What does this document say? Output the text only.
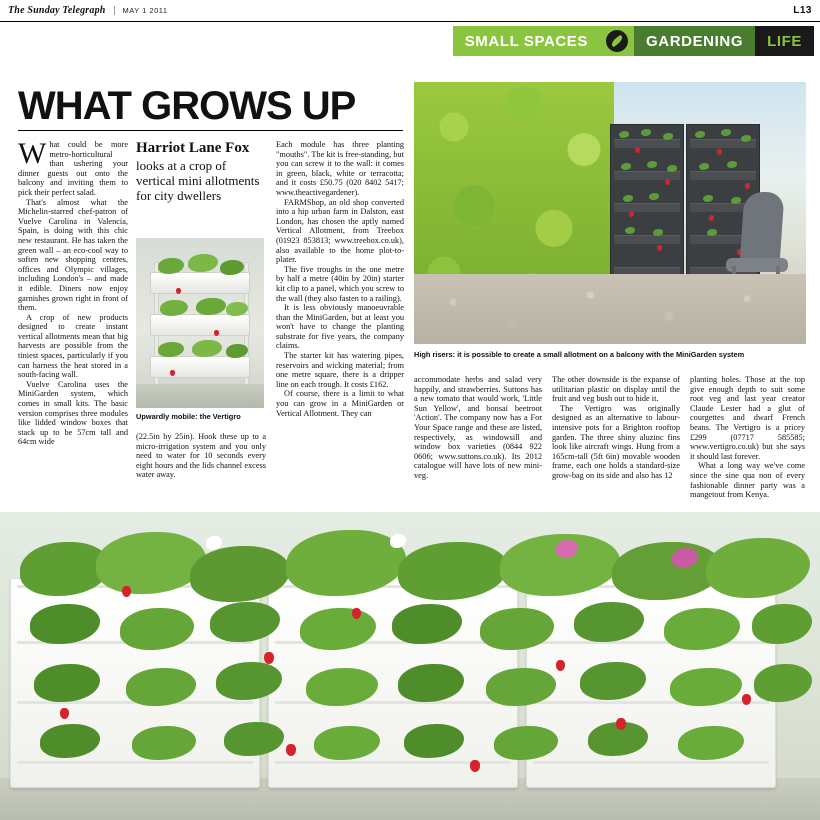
The Sunday Telegraph	MAY 1 2011	L13
SMALL SPACES	GARDENING	LIFE
WHAT GROWS UP

What could be more metro-horticultural than ushering your dinner guests out onto the balcony and inviting them to pick their perfect salad.

That's almost what the Michelin-starred chef-patron of Vuelve Carolina in Valencia, Spain, is doing with this chic new restaurant. He has taken the green wall – an eco-cool way to soften new shopping centres, offices and Olympic villages, including London's – and made it edible. Diners now enjoy garnishes grown right in front of them.

A crop of new products designed to create instant vertical allotments mean that big harvests are possible from the tiniest spaces, particularly if you can harness the heat stored in a south-facing wall.

Vuelve Carolina uses the MiniGarden system, which comes in small kits. The basic version comprises three modules like lidded window boxes that stack up to be 57cm tall and 64cm wide

Harriot Lane Fox
looks at a crop of vertical mini allotments for city dwellers
Upwardly mobile: the Vertigro

(22.5in by 25in). Hook these up to a micro-irrigation system and you only need to water for 10 seconds every eight hours and the lids channel excess water away.

Each module has three planting "mouths". The kit is free-standing, but you can screw it to the wall: it comes in green, black, white or terracotta; and it costs £50.75 (020 8402 5417; www.theactivegardener).

FARMShop, an old shop converted into a hip urban farm in Dalston, east London, has chosen the aptly named Vertical Allotment, from Treebox (01923 853813; www.treebox.co.uk), also available to the home plot-to-plater.

The five troughs in the one metre by half a metre (40in by 20in) starter kit clip to a panel, which you screw to the wall (they also fasten to a railing).

It is less obviously manoeuvrable than the MiniGarden, but at least you won't have to change the planting substrate for five years, the company claims.

The starter kit has watering pipes, reservoirs and wicking material; from one metre square, there is a dripper line on each trough. It costs £162.

Of course, there is a limit to what you can grow in a MiniGarden or Vertical Allotment. They can

High risers: it is possible to create a small allotment on a balcony with the MiniGarden system

accommodate herbs and salad very happily, and strawberries. Suttons has a new tomato that would work, 'Little Sun Yellow', and bonsai beetroot 'Action'. The company now has a For Your Space range and these are listed, respectively, as windowsill and window box varieties (0844 922 0606; www.suttons.co.uk). Its 2012 catalogue will have lots of new mini-veg.

The other downside is the expanse of utilitarian plastic on display until the fruit and veg bush out to hide it.

The Vertigro was originally designed as an alternative to labour-intensive pots for a Brighton rooftop garden. The three shiny aluzinc fins look like aircraft wings. Hung from a 165cm-tall (5ft 6in) movable wooden frame, each one holds a standard-size grow-bag on its side and also has 12

planting holes. Those at the top give enough depth to suit some root veg and last year creator Claude Lester had a glut of courgettes and dwarf French beans. The Vertigro is a pricey £299 (07717 585585; www.vertigro.co.uk) but she says it should last forever.

What a long way we've come since the sine qua non of every fashionable dinner party was a mangetout from Kenya.
